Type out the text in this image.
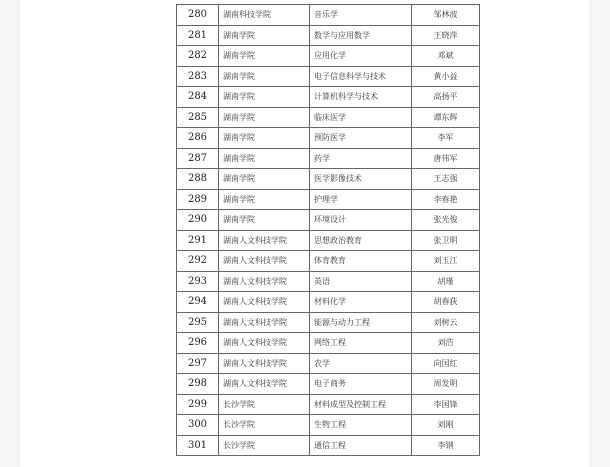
280	湖南科技学院	音乐学	邹林波
281	湖南学院	数学与应用数学	王晓萍
282	湖南学院	应用化学	邓斌
283	湖南学院	电子信息科学与技术	黄小益
284	湖南学院	计算机科学与技术	高扬平
285	湖南学院	临床医学	谭东辉
286	湖南学院	预防医学	李军
287	湖南学院	药学	唐伟军
288	湖南学院	医学影像技术	王志强
289	湖南学院	护理学	李春艳
290	湖南学院	环境设计	张光俊
291	湖南人文科技学院	思想政治教育	张卫明
292	湖南人文科技学院	体育教育	刘玉江
293	湖南人文科技学院	英语	胡瑾
294	湖南人文科技学院	材料化学	胡春荻
295	湖南人文科技学院	能源与动力工程	刘树云
296	湖南人文科技学院	网络工程	刘浩
297	湖南人文科技学院	农学	向国红
298	湖南人文科技学院	电子商务	周发明
299	长沙学院	材料成型及控制工程	李国锋
300	长沙学院	生物工程	刘刚
301	长沙学院	通信工程	李钢
